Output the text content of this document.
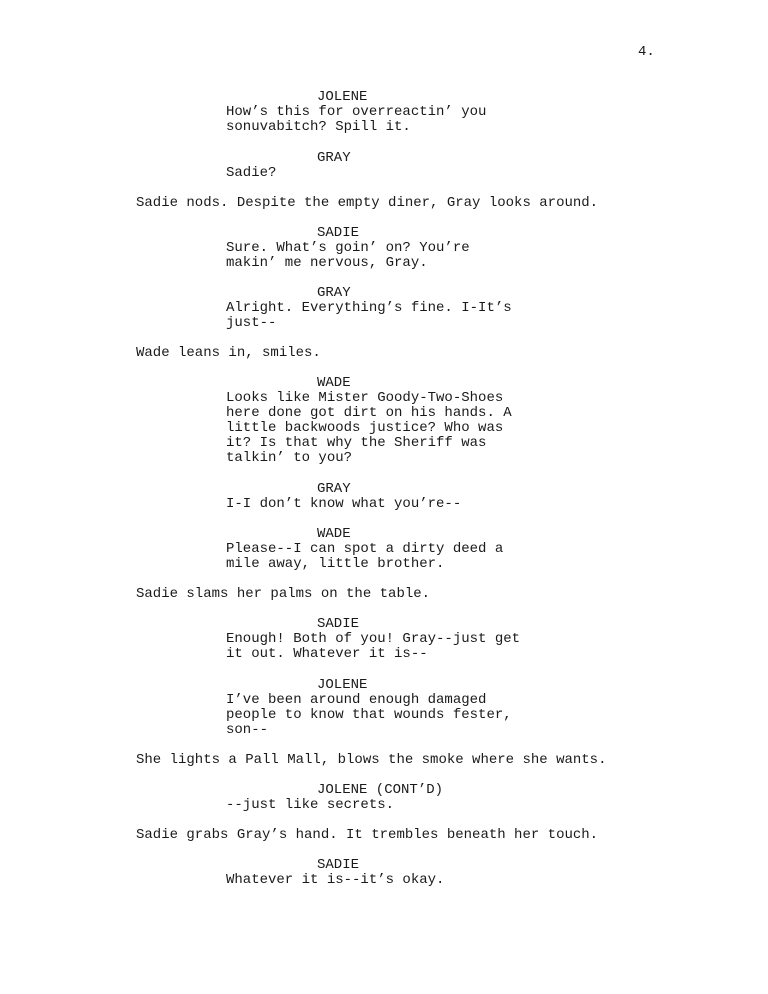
4.
JOLENE
How’s this for overreactin’ you
sonuvabitch? Spill it.
GRAY
Sadie?
Sadie nods. Despite the empty diner, Gray looks around.
SADIE
Sure. What’s goin’ on? You’re
makin’ me nervous, Gray.
GRAY
Alright. Everything’s fine. I-It’s
just--
Wade leans in, smiles.
WADE
Looks like Mister Goody-Two-Shoes
here done got dirt on his hands. A
little backwoods justice? Who was
it? Is that why the Sheriff was
talkin’ to you?
GRAY
I-I don’t know what you’re--
WADE
Please--I can spot a dirty deed a
mile away, little brother.
Sadie slams her palms on the table.
SADIE
Enough! Both of you! Gray--just get
it out. Whatever it is--
JOLENE
I’ve been around enough damaged
people to know that wounds fester,
son--
She lights a Pall Mall, blows the smoke where she wants.
JOLENE (CONT’D)
--just like secrets.
Sadie grabs Gray’s hand. It trembles beneath her touch.
SADIE
Whatever it is--it’s okay.
